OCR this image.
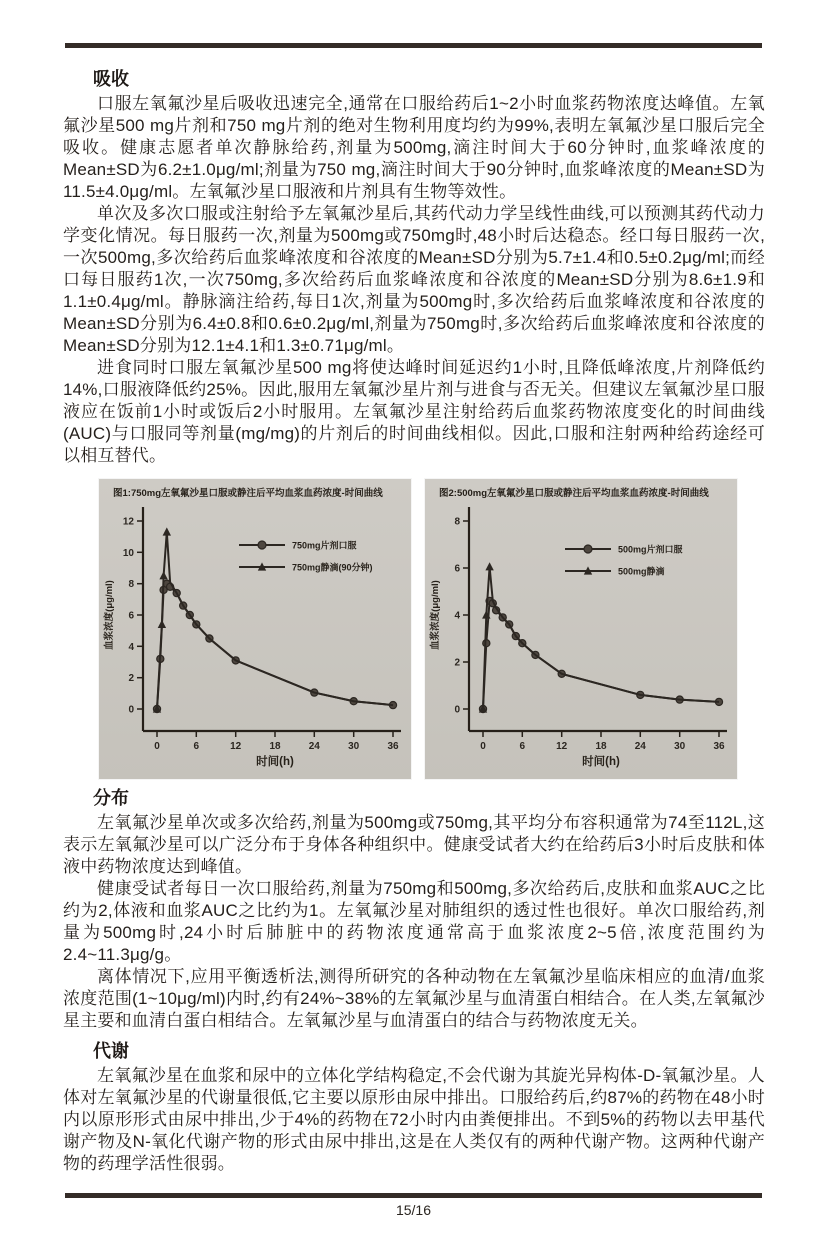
吸收

口服左氧氟沙星后吸收迅速完全,通常在口服给药后1~2小时血浆药物浓度达峰值。左氧氟沙星500 mg片剂和750 mg片剂的绝对生物利用度均约为99%,表明左氧氟沙星口服后完全吸收。健康志愿者单次静脉给药,剂量为500mg,滴注时间大于60分钟时,血浆峰浓度的Mean±SD为6.2±1.0μg/ml;剂量为750 mg,滴注时间大于90分钟时,血浆峰浓度的Mean±SD为11.5±4.0μg/ml。左氧氟沙星口服液和片剂具有生物等效性。

单次及多次口服或注射给予左氧氟沙星后,其药代动力学呈线性曲线,可以预测其药代动力学变化情况。每日服药一次,剂量为500mg或750mg时,48小时后达稳态。经口每日服药一次,一次500mg,多次给药后血浆峰浓度和谷浓度的Mean±SD分别为5.7±1.4和0.5±0.2μg/ml;而经口每日服药1次,一次750mg,多次给药后血浆峰浓度和谷浓度的Mean±SD分别为8.6±1.9和1.1±0.4μg/ml。静脉滴注给药,每日1次,剂量为500mg时,多次给药后血浆峰浓度和谷浓度的Mean±SD分别为6.4±0.8和0.6±0.2μg/ml,剂量为750mg时,多次给药后血浆峰浓度和谷浓度的Mean±SD分别为12.1±4.1和1.3±0.71μg/ml。

进食同时口服左氧氟沙星500 mg将使达峰时间延迟约1小时,且降低峰浓度,片剂降低约14%,口服液降低约25%。因此,服用左氧氟沙星片剂与进食与否无关。但建议左氧氟沙星口服液应在饭前1小时或饭后2小时服用。左氧氟沙星注射给药后血浆药物浓度变化的时间曲线(AUC)与口服同等剂量(mg/mg)的片剂后的时间曲线相似。因此,口服和注射两种给药途经可以相互替代。

图1:750mg左氧氟沙星口服或静注后平均血浆血药浓度-时间曲线
0
2
4
6
8
10
12
0	6	12	18	24	30	36
时间(h)
血浆浓度(μg/ml)
750mg片剂口服
750mg静滴(90分钟)
图2:500mg左氧氟沙星口服或静注后平均血浆血药浓度-时间曲线
0
2
4
6
8
0	6	12	18	24	30	36
时间(h)
血浆浓度(μg/ml)
500mg片剂口服
500mg静滴
分布

左氧氟沙星单次或多次给药,剂量为500mg或750mg,其平均分布容积通常为74至112L,这表示左氧氟沙星可以广泛分布于身体各种组织中。健康受试者大约在给药后3小时后皮肤和体液中药物浓度达到峰值。

健康受试者每日一次口服给药,剂量为750mg和500mg,多次给药后,皮肤和血浆AUC之比约为2,体液和血浆AUC之比约为1。左氧氟沙星对肺组织的透过性也很好。单次口服给药,剂量为500mg时,24小时后肺脏中的药物浓度通常高于血浆浓度2~5倍,浓度范围约为2.4~11.3μg/g。

离体情况下,应用平衡透析法,测得所研究的各种动物在左氧氟沙星临床相应的血清/血浆浓度范围(1~10μg/ml)内时,约有24%~38%的左氧氟沙星与血清蛋白相结合。在人类,左氧氟沙星主要和血清白蛋白相结合。左氧氟沙星与血清蛋白的结合与药物浓度无关。

代谢

左氧氟沙星在血浆和尿中的立体化学结构稳定,不会代谢为其旋光异构体-D-氧氟沙星。人体对左氧氟沙星的代谢量很低,它主要以原形由尿中排出。口服给药后,约87%的药物在48小时内以原形形式由尿中排出,少于4%的药物在72小时内由粪便排出。不到5%的药物以去甲基代谢产物及N-氧化代谢产物的形式由尿中排出,这是在人类仅有的两种代谢产物。这两种代谢产物的药理学活性很弱。

15/16
